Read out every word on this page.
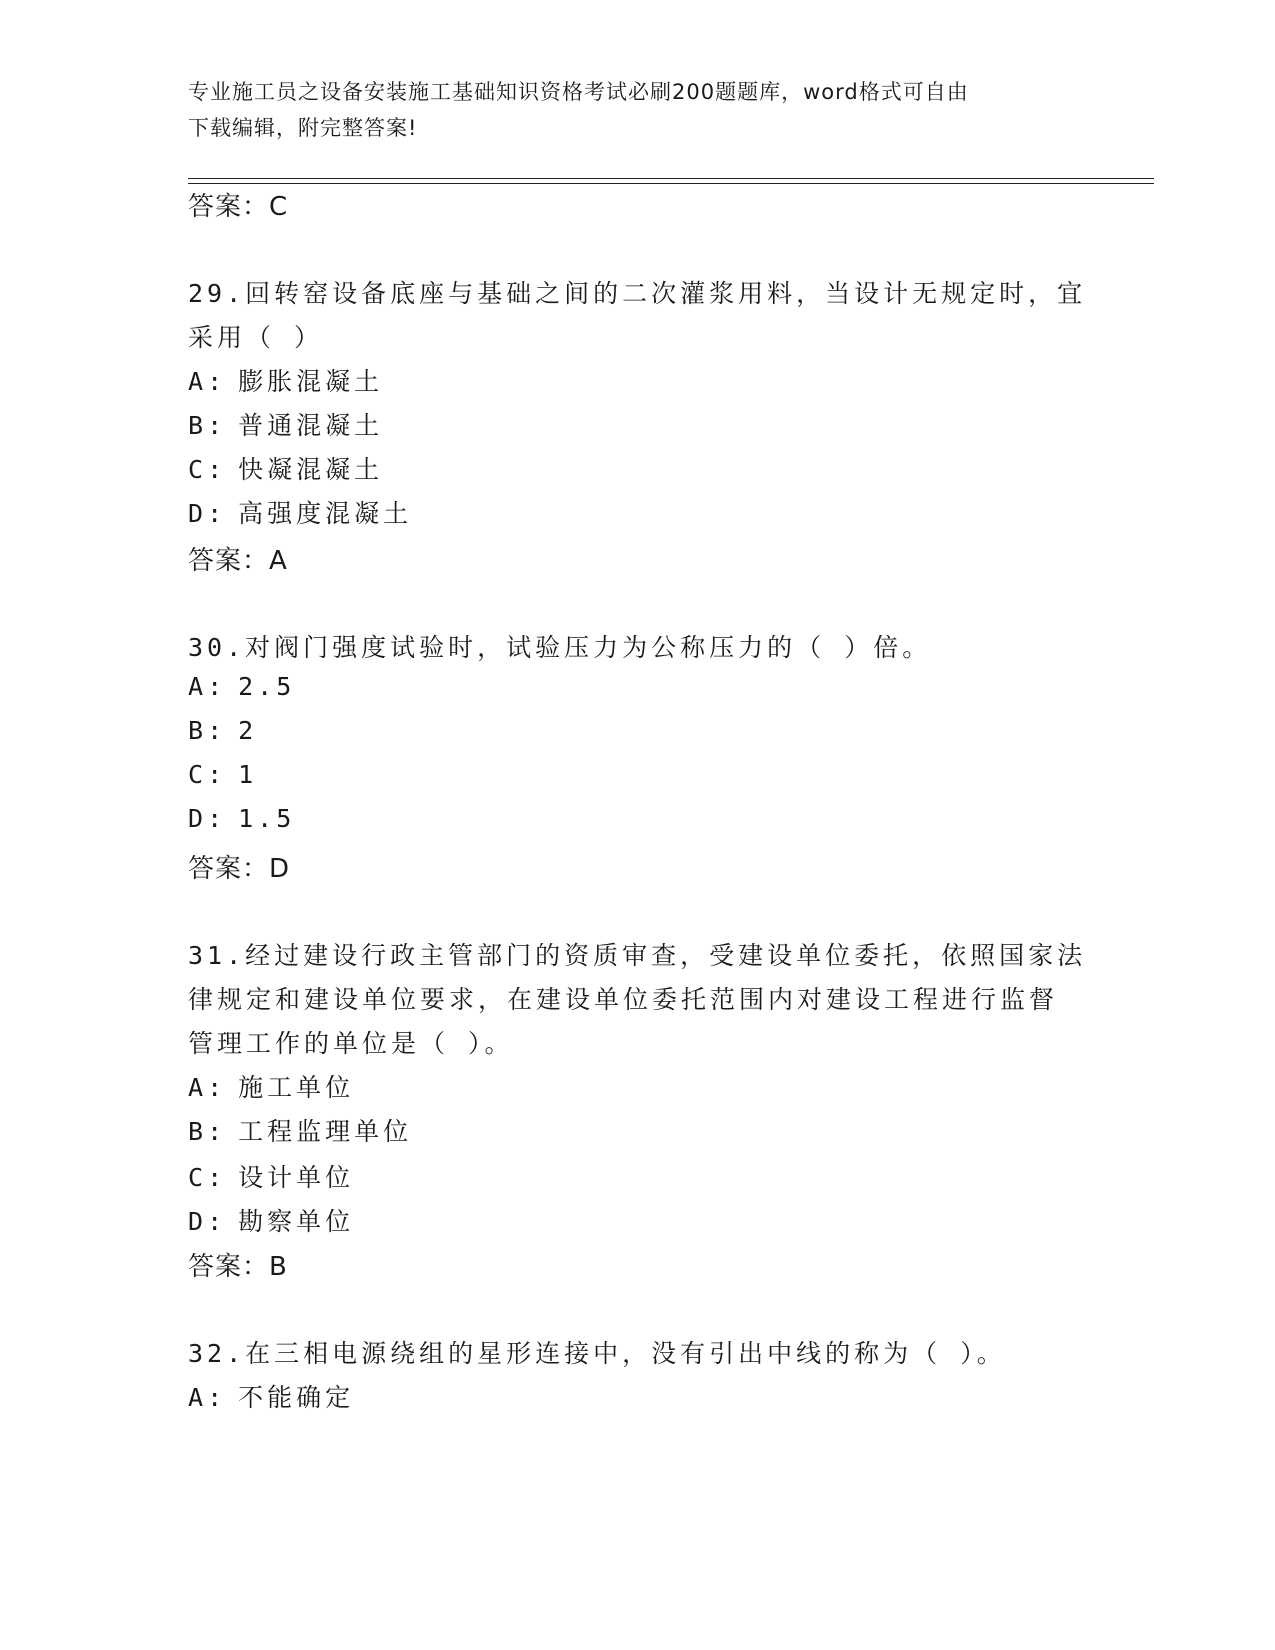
专业施工员之设备安装施工基础知识资格考试必刷200题题库，word格式可自由
下载编辑，附完整答案!
答案：C
29.回转窑设备底座与基础之间的二次灌浆用料，当设计无规定时，宜
采用（ ）
A: 膨胀混凝土
B: 普通混凝土
C: 快凝混凝土
D: 高强度混凝土
答案：A
30.对阀门强度试验时，试验压力为公称压力的（ ）倍。
A: 2.5
B: 2
C: 1
D: 1.5
答案：D
31.经过建设行政主管部门的资质审查，受建设单位委托，依照国家法
律规定和建设单位要求，在建设单位委托范围内对建设工程进行监督
管理工作的单位是（ ）。
A: 施工单位
B: 工程监理单位
C: 设计单位
D: 勘察单位
答案：B
32.在三相电源绕组的星形连接中，没有引出中线的称为（ ）。
A: 不能确定
